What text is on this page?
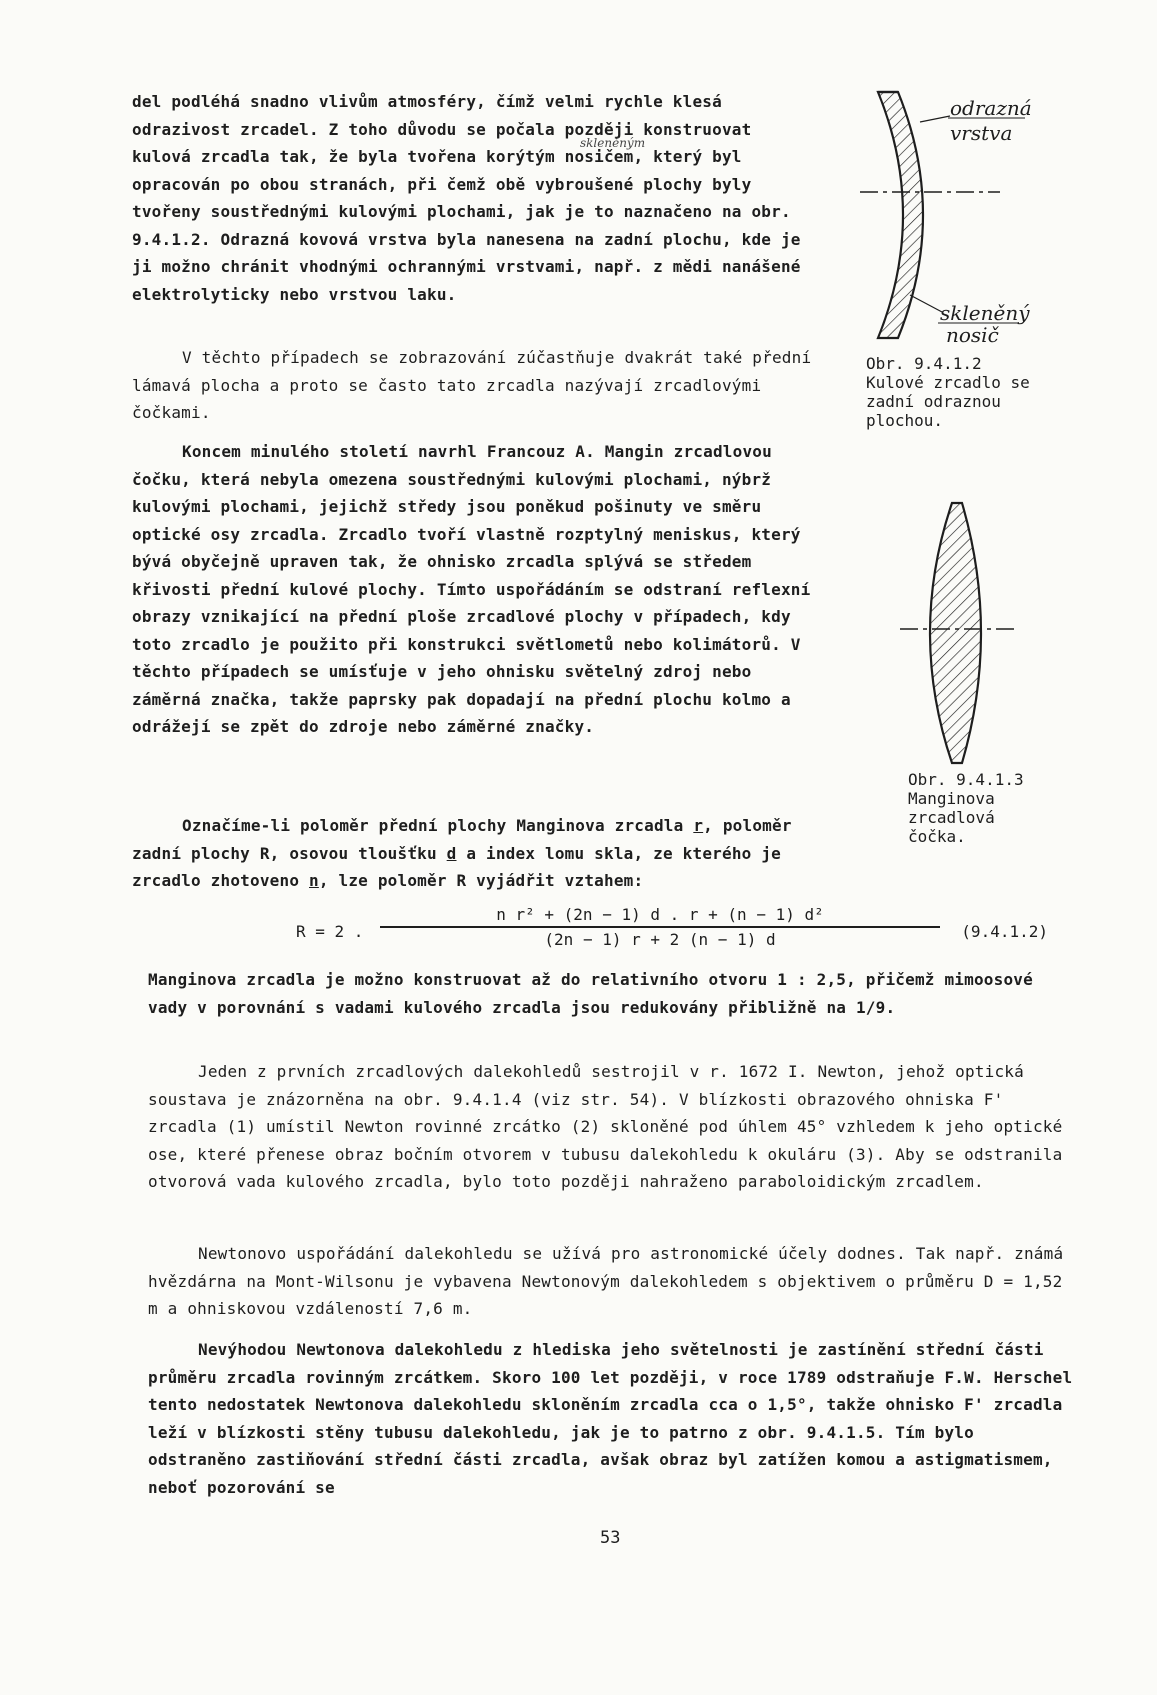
del podléhá snadno vlivům atmosféry, čímž velmi rychle klesá odrazivost zrcadel. Z toho důvodu se počala později konstruovat kulová zrcadla tak, že byla tvořena korýtým nosičem, který byl opracován po obou stranách, při čemž obě vybroušené plochy byly tvořeny soustřednými kulovými plochami, jak je to naznačeno na obr. 9.4.1.2. Odrazná kovová vrstva byla nanesena na zadní plochu, kde je ji možno chránit vhodnými ochrannými vrstvami, např. z mědi nanášené elektrolyticky nebo vrstvou laku.

skleněným

V těchto případech se zobrazování zúčastňuje dvakrát také přední lámavá plocha a proto se často tato zrcadla nazývají zrcadlovými čočkami.

Koncem minulého století navrhl Francouz A. Mangin zrcadlovou čočku, která nebyla omezena soustřednými kulovými plochami, nýbrž kulovými plochami, jejichž středy jsou poněkud pošinuty ve směru optické osy zrcadla. Zrcadlo tvoří vlastně rozptylný meniskus, který bývá obyčejně upraven tak, že ohnisko zrcadla splývá se středem křivosti přední kulové plochy. Tímto uspořádáním se odstraní reflexní obrazy vznikající na přední ploše zrcadlové plochy v případech, kdy toto zrcadlo je použito při konstrukci světlometů nebo kolimátorů. V těchto případech se umísťuje v jeho ohnisku světelný zdroj nebo záměrná značka, takže paprsky pak dopadají na přední plochu kolmo a odrážejí se zpět do zdroje nebo záměrné značky.

Označíme-li poloměr přední plochy Manginova zrcadla r, poloměr zadní plochy R, osovou tloušťku d a index lomu skla, ze kterého je zrcadlo zhotoveno n, lze poloměr R vyjádřit vztahem:

R = 2 .
n r² + (2n − 1) d . r + (n − 1) d²
(2n − 1) r + 2 (n − 1) d	(9.4.1.2)

Manginova zrcadla je možno konstruovat až do relativního otvoru 1 : 2,5, přičemž mimoosové vady v porovnání s vadami kulového zrcadla jsou redukovány přibližně na 1/9.

Jeden z prvních zrcadlových dalekohledů sestrojil v r. 1672 I. Newton, jehož optická soustava je znázorněna na obr. 9.4.1.4 (viz str. 54). V blízkosti obrazového ohniska F' zrcadla (1) umístil Newton rovinné zrcátko (2) skloněné pod úhlem 45° vzhledem k jeho optické ose, které přenese obraz bočním otvorem v tubusu dalekohledu k okuláru (3). Aby se odstranila otvorová vada kulového zrcadla, bylo toto později nahraženo paraboloidickým zrcadlem.

Newtonovo uspořádání dalekohledu se užívá pro astronomické účely dodnes. Tak např. známá hvězdárna na Mont-Wilsonu je vybavena Newtonovým dalekohledem s objektivem o průměru D = 1,52 m a ohniskovou vzdáleností 7,6 m.

Nevýhodou Newtonova dalekohledu z hlediska jeho světelnosti je zastínění střední části průměru zrcadla rovinným zrcátkem. Skoro 100 let později, v roce 1789 odstraňuje F.W. Herschel tento nedostatek Newtonova dalekohledu skloněním zrcadla cca o 1,5°, takže ohnisko F' zrcadla leží v blízkosti stěny tubusu dalekohledu, jak je to patrno z obr. 9.4.1.5. Tím bylo odstraněno zastiňování střední části zrcadla, avšak obraz byl zatížen komou a astigmatismem, neboť pozorování se

odrazná
vrstva
skleněný
nosič

Obr. 9.4.1.2
Kulové zrcadlo se
zadní odraznou
plochou.

Obr. 9.4.1.3
Manginova
zrcadlová
čočka.

53
